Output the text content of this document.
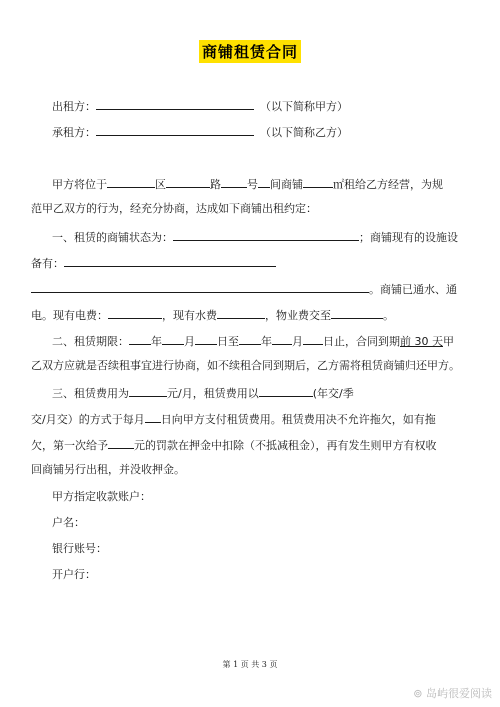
商铺租赁合同
出租方：	（以下简称甲方）
承租方：	（以下简称乙方）
甲方将位于	区	路 号 间商铺	㎡租给乙方经营，为规
范甲乙双方的行为，经充分协商，达成如下商铺出租约定：
一、租赁的商铺状态为：	；商铺现有的设施设
备有：
。商铺已通水、通
电。现有电费：	，现有水费	，物业费交至	。
二、租赁期限： 年 月 日至 年 月 日止，合同到期前 30 天甲
乙双方应就是否续租事宜进行协商，如不续租合同到期后，乙方需将租赁商铺归还甲方。
三、租赁费用为	元/月，租赁费用以	(年交/季
交/月交）的方式于每月 日向甲方支付租赁费用。租赁费用决不允许拖欠，如有拖
欠，第一次给予 元的罚款在押金中扣除（不抵减租金），再有发生则甲方有权收
回商铺另行出租，并没收押金。
甲方指定收款账户：
户名：
银行账号：
开户行：
第 1 页 共 3 页
⊚ 岛屿很爱阅读
